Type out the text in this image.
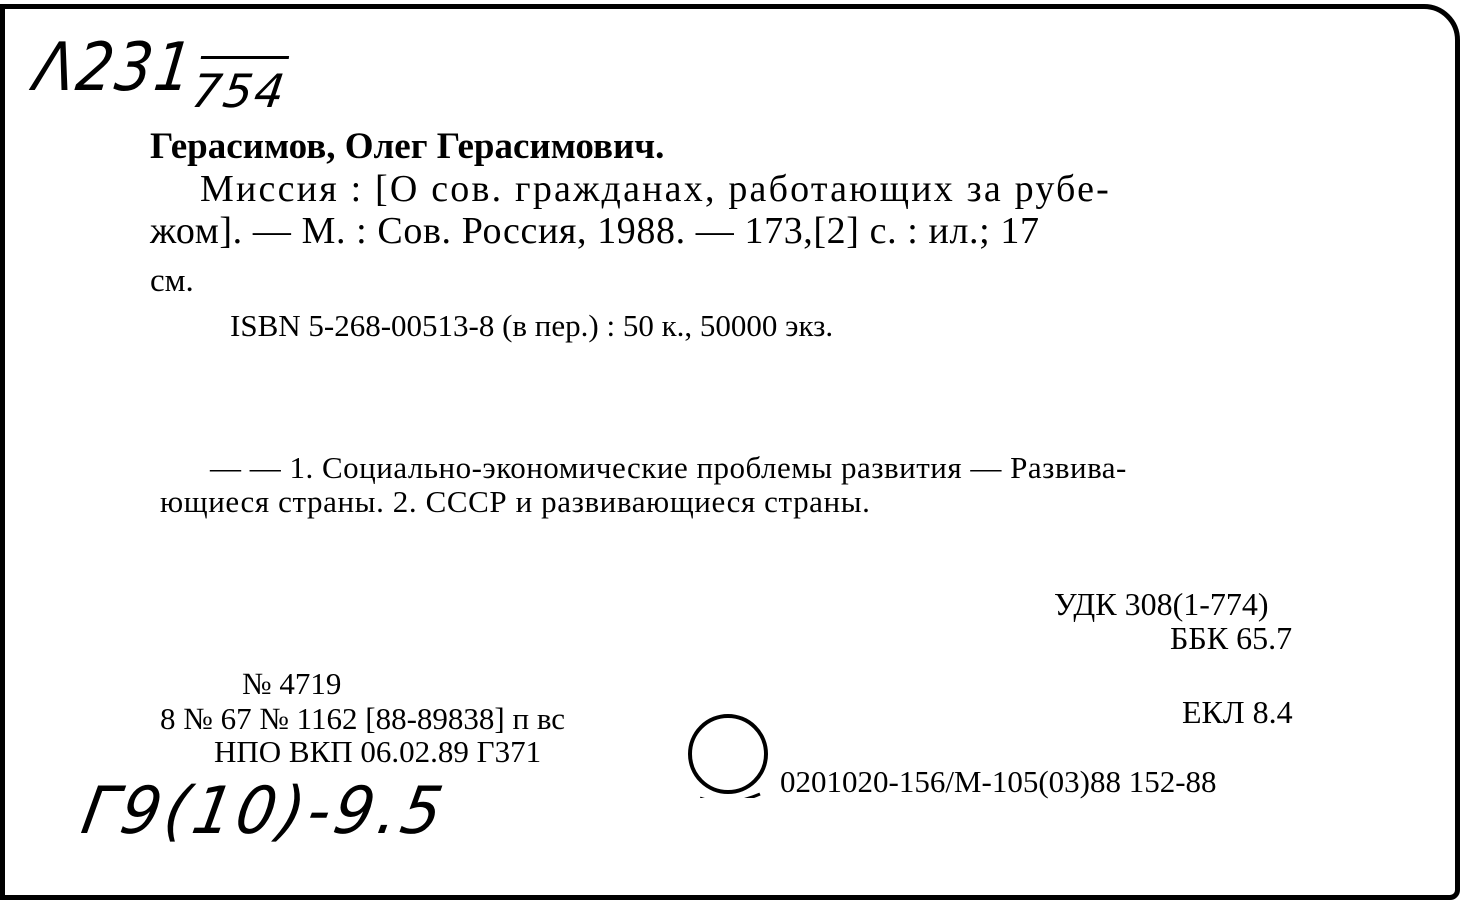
Λ231
754
Герасимов, Олег Герасимович.
Миссия : [О сов. гражданах, работающих за рубе-
жом]. — М. : Сов. Россия, 1988. — 173,[2] с. : ил.; 17
см.
ISBN 5-268-00513-8 (в пер.) : 50 к., 50000 экз.
— — 1. Социально-экономические проблемы развития — Развива-
ющиеся страны. 2. СССР и развивающиеся страны.
УДК 308(1-774)
ББК 65.7
№ 4719
8 № 67 № 1162 [88-89838] п вс
НПО ВКП 06.02.89 Г371
ЕКЛ 8.4
0201020-156/М-105(03)88 152-88
Γ9(10)-9.5
